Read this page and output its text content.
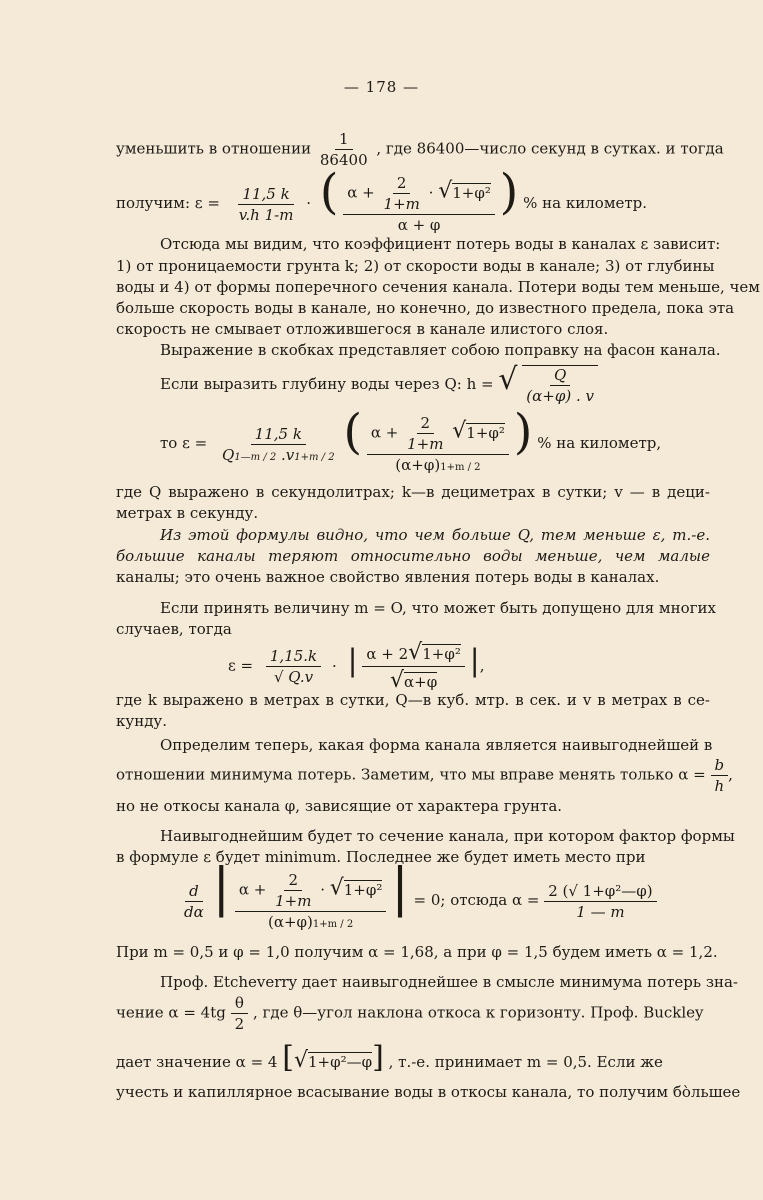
— 178 —
уменьшить в отношении $\frac{1}{86400}$ , где 86400—число секунд в сутках. и тогда
получим: $\varepsilon = \frac{11,5 k}{v.h 1-m}$ · ( $\frac{\alpha + \frac{2}{1+m} \cdot √1+\varphi^2}{\alpha + \varphi}$ ) % на километр.
Отсюда мы видим, что коэффициент потерь воды в каналах ε зависит:
1) от проницаемости грунта k; 2) от скорости воды в канале; 3) от глубины
воды и 4) от формы поперечного сечения канала. Потери воды тем меньше, чем
больше скорость воды в канале, но конечно, до известного предела, пока эта
скорость не смывает отложившегося в канале илистого слоя.
Выражение в скобках представляет собою поправку на фасон канала.
Если выразить глубину воды через Q: h = √ $\frac{Q}{(\alpha+\varphi) . v}$
то $\varepsilon = \frac{11,5 k}{Q1—m / 2 .v1+m / 2}$ ( $\frac{\alpha + \frac{2}{1+m} √1+\varphi^2}{(\alpha+\varphi)1+m / 2}$ ) % на километр,
где Q выражено в секундолитрах; k—в дециметрах в сутки; v — в деци-
метрах в секунду.
Из этой формулы видно, что чем больше Q, тем меньше ε, т.-е.
большие каналы теряют относительно воды меньше, чем малые
каналы; это очень важное свойство явления потерь воды в каналах.
Если принять величину m = O, что может быть допущено для многих
случаев, тогда
$\varepsilon = \frac{1,15.k}{√ Q.v}$ · | $\frac{\text{α + 2√1+φ²}}{√\alpha+\varphi}$ |,
где k выражено в метрах в сутки, Q—в куб. мтр. в сек. и v в метрах в се-
кунду.
Определим теперь, какая форма канала является наивыгоднейшей в
отношении минимума потерь. Заметим, что мы вправе менять только $\alpha = \frac{b}{h}$ ,
но не откосы канала φ, зависящие от характера грунта.
Наивыгоднейшим будет то сечение канала, при котором фактор формы
в формуле ε будет minimum. Последнее же будет иметь место при
$\frac{d}{d\alpha}$ | $\frac{\alpha + \frac{2}{1+m} \cdot √1+\varphi^2}{(\alpha+\varphi)1+m / 2}$ | = 0; отсюда $\alpha = \frac{\text{2 (√ 1+φ²—φ)}}{1 — m}$
При m = 0,5 и φ = 1,0 получим α = 1,68, а при φ = 1,5 будем иметь α = 1,2.
Проф. Etcheverry дает наивыгоднейшее в смысле минимума потерь зна-
чение $\alpha = 4tg \frac{\theta}{2}$ , где θ—угол наклона откоса к горизонту. Проф. Buckley
дает значение α = 4 [√1+φ²—φ] , т.-е. принимает m = 0,5. Если же
учесть и капиллярное всасывание воды в откосы канала, то получим бо̀льшее
